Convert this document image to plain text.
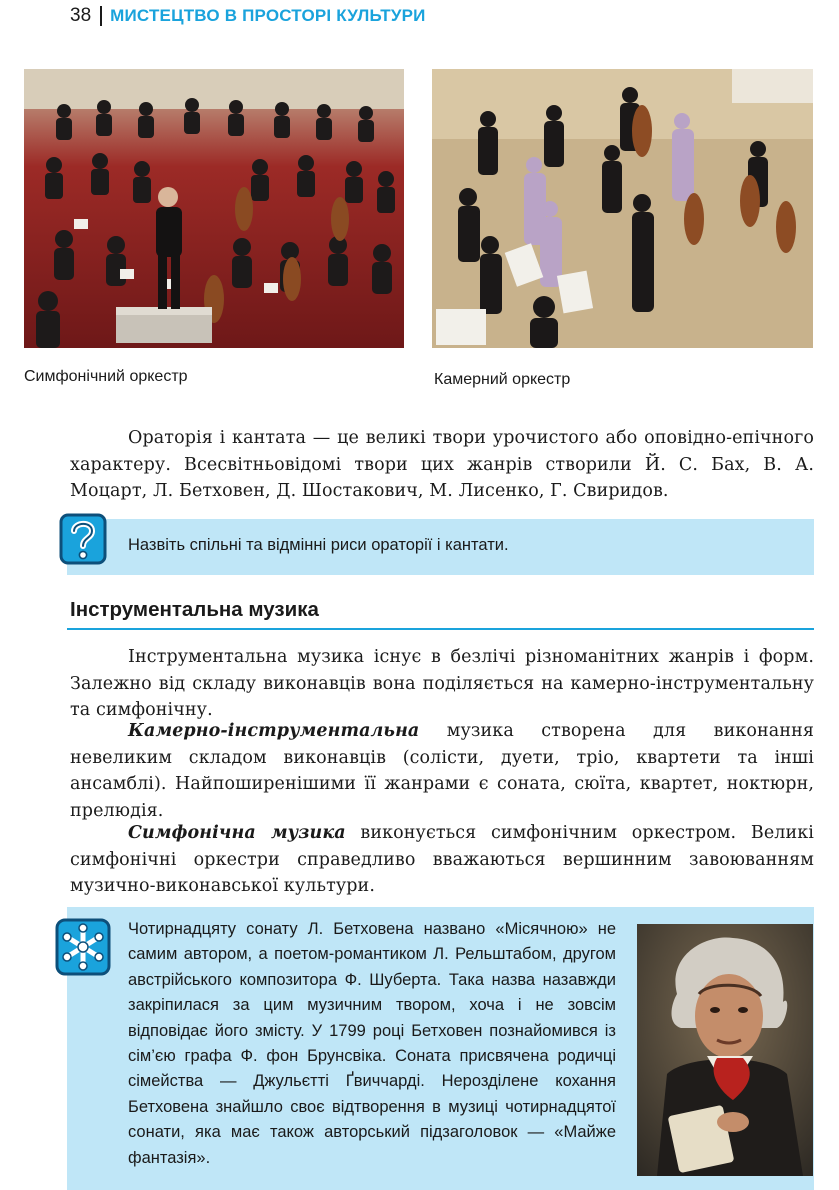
38 МИСТЕЦТВО В ПРОСТОРІ КУЛЬТУРИ
Симфонічний оркестр	Камерний оркестр
Ораторія і кантата — це великі твори урочистого або оповідно-епічного характеру. Всесвітньовідомі твори цих жанрів створили Й. С. Бах, В. А. Моцарт, Л. Бетховен, Д. Шостакович, М. Лисенко, Г. Свиридов.
Назвіть спільні та відмінні риси ораторії і кантати.
Інструментальна музика
Інструментальна музика існує в безлічі різноманітних жанрів і форм. Залежно від складу виконавців вона поділяється на камерно-інструментальну та симфонічну.
Камерно-інструментальна музика створена для виконання невеликим складом виконавців (солісти, дуети, тріо, квартети та інші ансамблі). Найпоширенішими її жанрами є соната, сюїта, квартет, ноктюрн, прелюдія.
Симфонічна музика виконується симфонічним оркестром. Великі симфонічні оркестри справедливо вважаються вершинним завоюванням музично-виконавської культури.
Чотирнадцяту сонату Л. Бетховена названо «Місячною» не самим автором, а поетом-романтиком Л. Рельштабом, другом австрійського композитора Ф. Шуберта. Така назва назавжди закріпилася за цим музичним твором, хоча і не зовсім відповідає його змісту. У 1799 році Бетховен познайомився із сім’єю графа Ф. фон Брунсвіка. Соната присвячена родичці сімейства — Джульєтті Ґвиччарді. Нерозділене кохання Бетховена знайшло своє відтворення в музиці чотирнадцятої сонати, яка має також авторський підзаголовок — «Майже фантазія».
